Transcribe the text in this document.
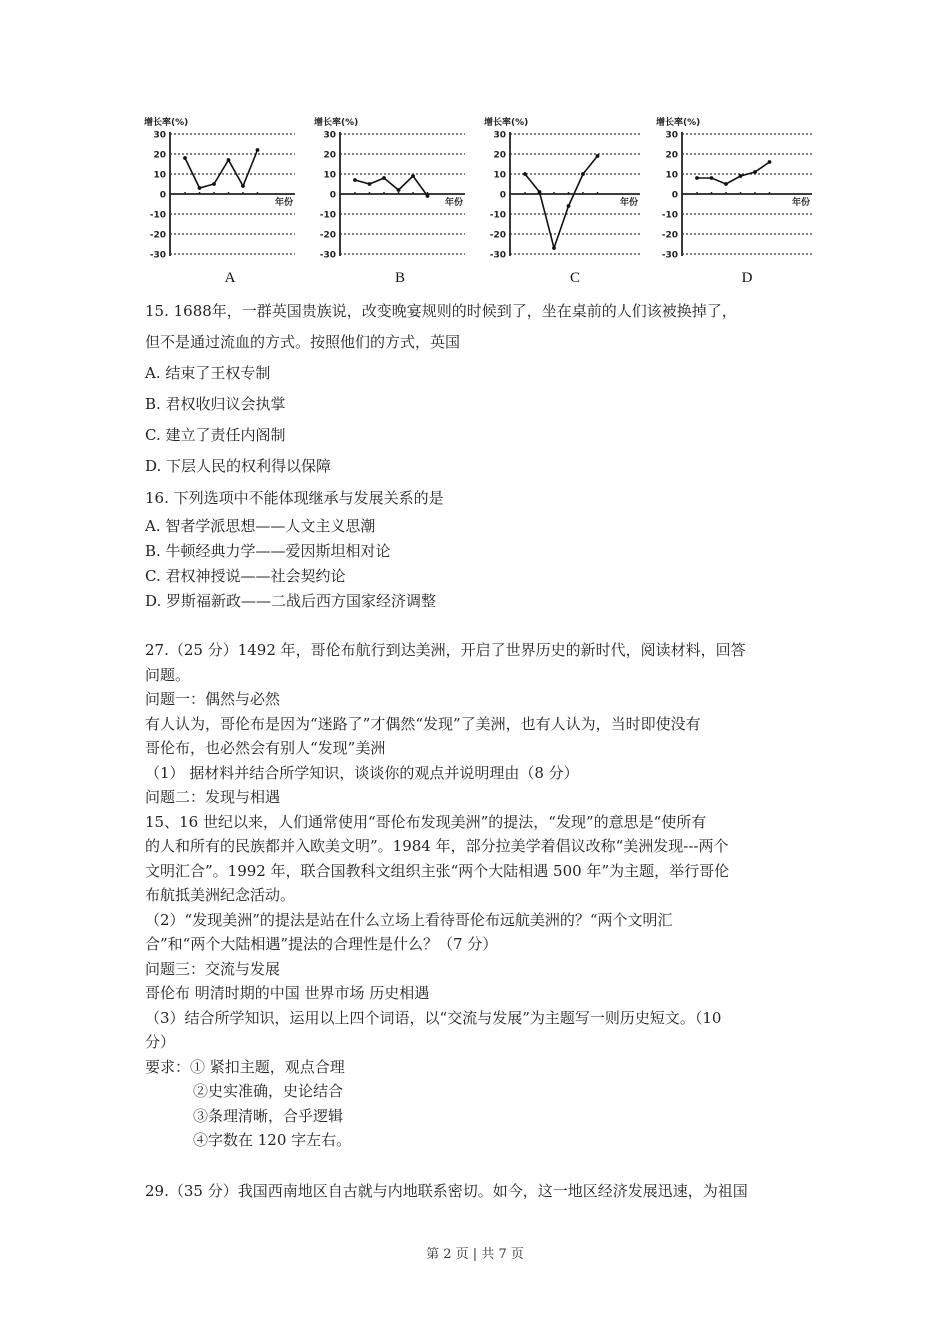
增长率(%)
30
20
10
0
-10
-20
-30
年份
A
增长率(%)
30
20
10
0
-10
-20
-30
年份
B
增长率(%)
30
20
10
0
-10
-20
-30
年份
C
增长率(%)
30
20
10
0
-10
-20
-30
年份
D
15. 1688年，一群英国贵族说，改变晚宴规则的时候到了，坐在桌前的人们该被换掉了，
但不是通过流血的方式。按照他们的方式，英国
A. 结束了王权专制
B. 君权收归议会执掌
C. 建立了责任内阁制
D. 下层人民的权利得以保障
16. 下列选项中不能体现继承与发展关系的是
A. 智者学派思想——人文主义思潮
B. 牛顿经典力学——爱因斯坦相对论
C. 君权神授说——社会契约论
D. 罗斯福新政——二战后西方国家经济调整
27.（25 分）1492 年，哥伦布航行到达美洲，开启了世界历史的新时代，阅读材料，回答
问题。
问题一：偶然与必然
有人认为，哥伦布是因为“迷路了”才偶然“发现”了美洲，也有人认为，当时即使没有
哥伦布，也必然会有别人“发现”美洲
（1） 据材料并结合所学知识，谈谈你的观点并说明理由（8 分）
问题二：发现与相遇
15、16 世纪以来，人们通常使用“哥伦布发现美洲”的提法，“发现”的意思是“使所有
的人和所有的民族都并入欧美文明”。1984 年，部分拉美学着倡议改称“美洲发现---两个
文明汇合”。1992 年，联合国教科文组织主张“两个大陆相遇 500 年”为主题，举行哥伦
布航抵美洲纪念活动。
（2）“发现美洲”的提法是站在什么立场上看待哥伦布远航美洲的？“两个文明汇
合”和“两个大陆相遇”提法的合理性是什么？（7 分）
问题三：交流与发展
哥伦布 明清时期的中国 世界市场 历史相遇
（3）结合所学知识，运用以上四个词语，以“交流与发展”为主题写一则历史短文。（10
分）
要求：① 紧扣主题，观点合理
②史实准确，史论结合
③条理清晰，合乎逻辑
④字数在 120 字左右。
29.（35 分）我国西南地区自古就与内地联系密切。如今，这一地区经济发展迅速，为祖国
第 2 页 | 共 7 页
